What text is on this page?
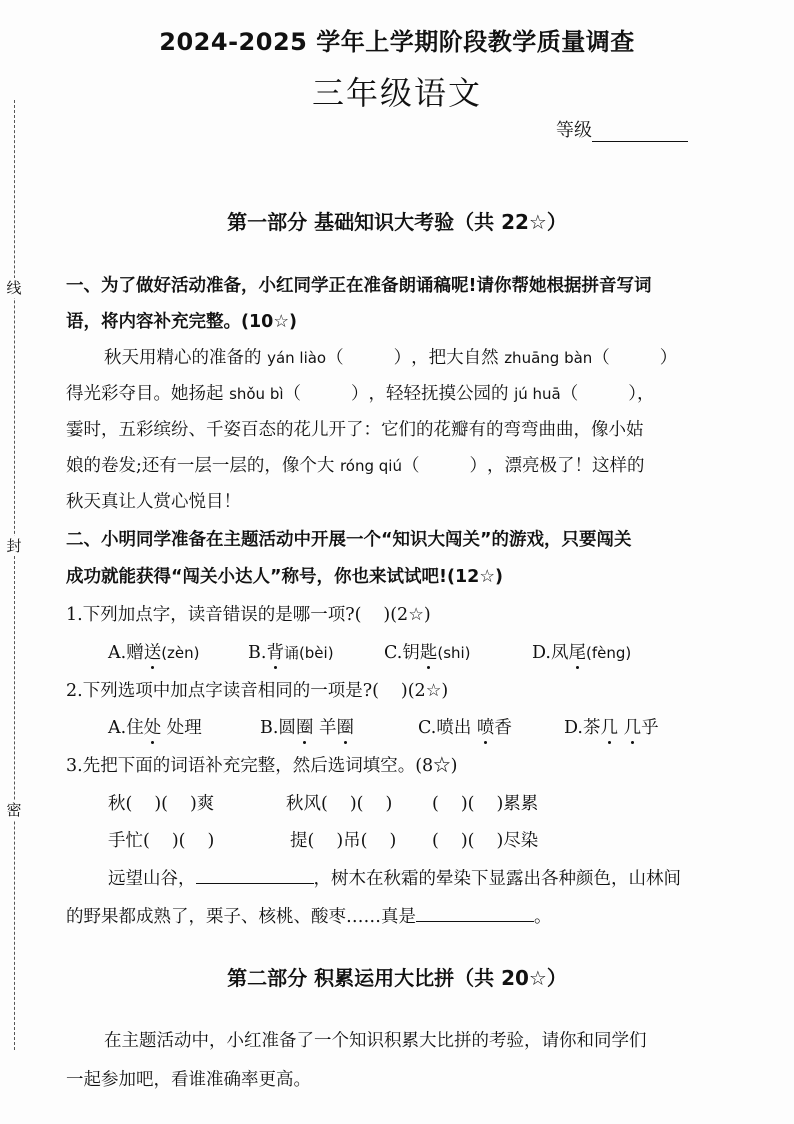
线
封
密
2024-2025 学年上学期阶段教学质量调查
三年级语文
等级
第一部分 基础知识大考验（共 22☆）
一、为了做好活动准备，小红同学正在准备朗诵稿呢!请你帮她根据拼音写词
语，将内容补充完整。(10☆)
秋天用精心的准备的 yán liào（	），把大自然 zhuāng bàn（	）
得光彩夺目。她扬起 shǒu bì（	），轻轻抚摸公园的 jú huā（	），
霎时，五彩缤纷、千姿百态的花儿开了：它们的花瓣有的弯弯曲曲，像小姑
娘的卷发;还有一层一层的，像个大 róng qiú（	），漂亮极了！这样的
秋天真让人赏心悦目！
二、小明同学准备在主题活动中开展一个“知识大闯关”的游戏，只要闯关
成功就能获得“闯关小达人”称号，你也来试试吧!(12☆)
1.下列加点字，读音错误的是哪一项?( )(2☆)
A.赠送(zèn)	B.背诵(bèi)	C.钥匙(shi)	D.凤尾(fèng)
2.下列选项中加点字读音相同的一项是?( )(2☆)
A.住处 处理	B.圆圈 羊圈	C.喷出 喷香	D.茶几 几乎
3.先把下面的词语补充完整，然后选词填空。(8☆)
秋( )( )爽	秋风( )( ) ( )( )累累
手忙( )( )	提( )吊( ) ( )( )尽染
远望山谷，	，树木在秋霜的晕染下显露出各种颜色，山林间
的野果都成熟了，栗子、核桃、酸枣……真是	。
第二部分 积累运用大比拼（共 20☆）
在主题活动中，小红准备了一个知识积累大比拼的考验，请你和同学们
一起参加吧，看谁准确率更高。
